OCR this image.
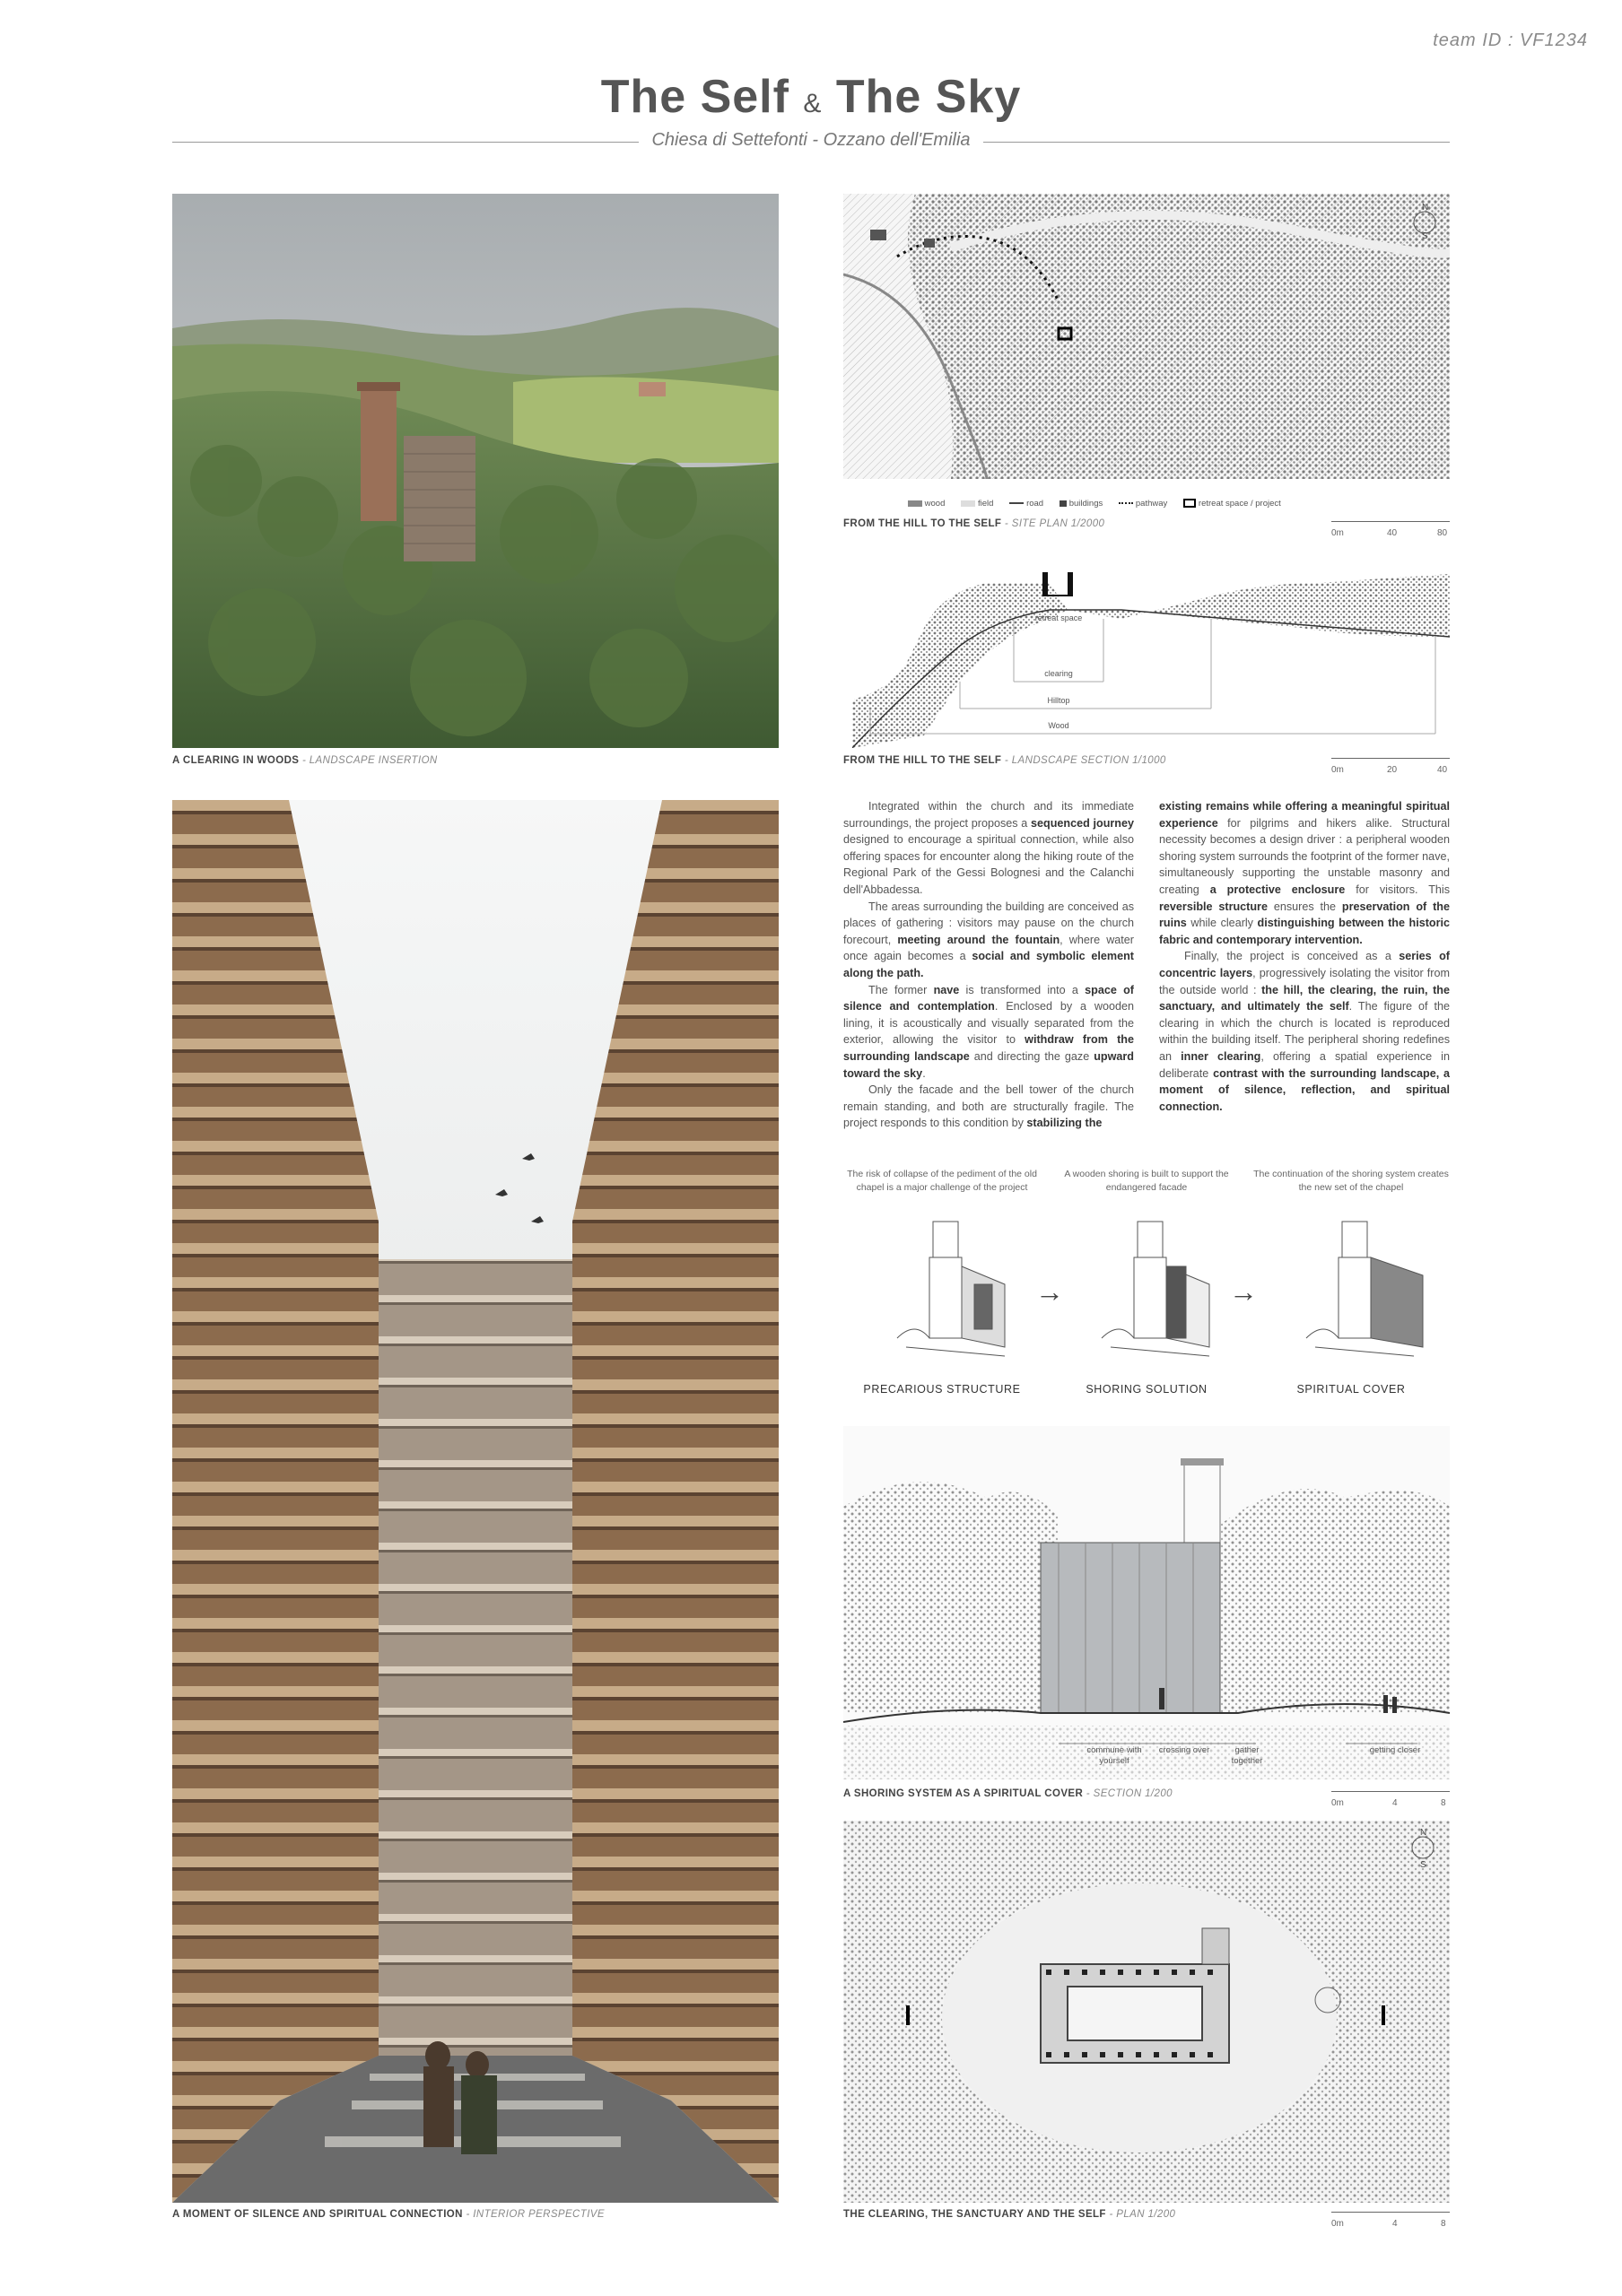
team ID : VF1234
The Self & The Sky
Chiesa di Settefonti - Ozzano dell'Emilia
A CLEARING IN WOODS - LANDSCAPE INSERTION
N
S
wood	field	road	buildings	pathway	retreat space / project
FROM THE HILL TO THE SELF - SITE PLAN 1/2000
0m	40	80
retreat space
clearing
Hilltop
Wood
FROM THE HILL TO THE SELF - LANDSCAPE SECTION 1/1000
0m	20	40
A MOMENT OF SILENCE AND SPIRITUAL CONNECTION - INTERIOR PERSPECTIVE

Integrated within the church and its immediate surroundings, the project proposes a sequenced journey designed to encourage a spiritual connection, while also offering spaces for encounter along the hiking route of the Regional Park of the Gessi Bolognesi and the Calanchi dell'Abbadessa.

The areas surrounding the building are conceived as places of gathering : visitors may pause on the church forecourt, meeting around the fountain, where water once again becomes a social and symbolic element along the path.

The former nave is transformed into a space of silence and contemplation. Enclosed by a wooden lining, it is acoustically and visually separated from the exterior, allowing the visitor to withdraw from the surrounding landscape and directing the gaze upward toward the sky.

Only the facade and the bell tower of the church remain standing, and both are structurally fragile. The project responds to this condition by stabilizing the

existing remains while offering a meaningful spiritual experience for pilgrims and hikers alike. Structural necessity becomes a design driver : a peripheral wooden shoring system surrounds the footprint of the former nave, simultaneously supporting the unstable masonry and creating a protective enclosure for visitors. This reversible structure ensures the preservation of the ruins while clearly distinguishing between the historic fabric and contemporary intervention.

Finally, the project is conceived as a series of concentric layers, progressively isolating the visitor from the outside world : the hill, the clearing, the ruin, the sanctuary, and ultimately the self. The figure of the clearing in which the church is located is reproduced within the building itself. The peripheral shoring redefines an inner clearing, offering a spatial experience in deliberate contrast with the surrounding landscape, a moment of silence, reflection, and spiritual connection.

The risk of collapse of the pediment of the old chapel is a major challenge of the project
A wooden shoring is built to support the endangered facade
The continuation of the shoring system creates the new set of the chapel
→	→
PRECARIOUS STRUCTURE	SHORING SOLUTION	SPIRITUAL COVER
commune with yourself
crossing over	gather together
getting closer
A SHORING SYSTEM AS A SPIRITUAL COVER - SECTION 1/200
0m	4	8
N
S
THE CLEARING, THE SANCTUARY AND THE SELF - PLAN 1/200
0m	4	8
